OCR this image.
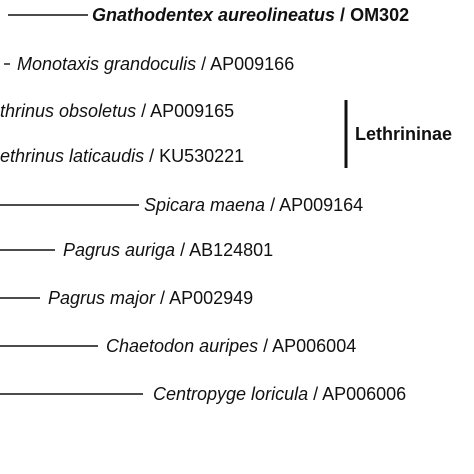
Gnathodentex aureolineatus / OM302
Monotaxis grandoculis / AP009166
thrinus obsoletus / AP009165
ethrinus laticaudis / KU530221
Spicara maena / AP009164
Pagrus auriga / AB124801
Pagrus major / AP002949
Chaetodon auripes / AP006004
Centropyge loricula / AP006006
Lethrininae
